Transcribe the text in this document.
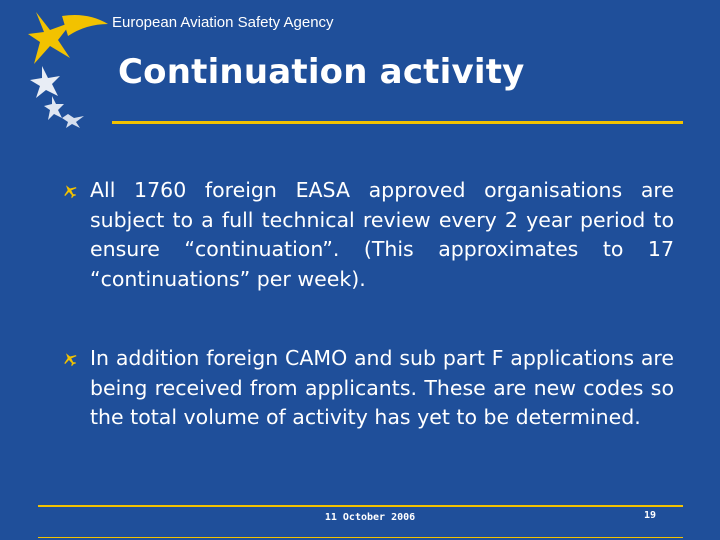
European Aviation Safety Agency
Continuation activity
All 1760 foreign EASA approved organisations are subject to a full technical review every 2 year period to ensure “continuation”. (This approximates to 17 “continuations” per week).
In addition foreign CAMO and sub part F applications are being received from applicants. These are new codes so the total volume of activity has yet to be determined.
11 October 2006	19
